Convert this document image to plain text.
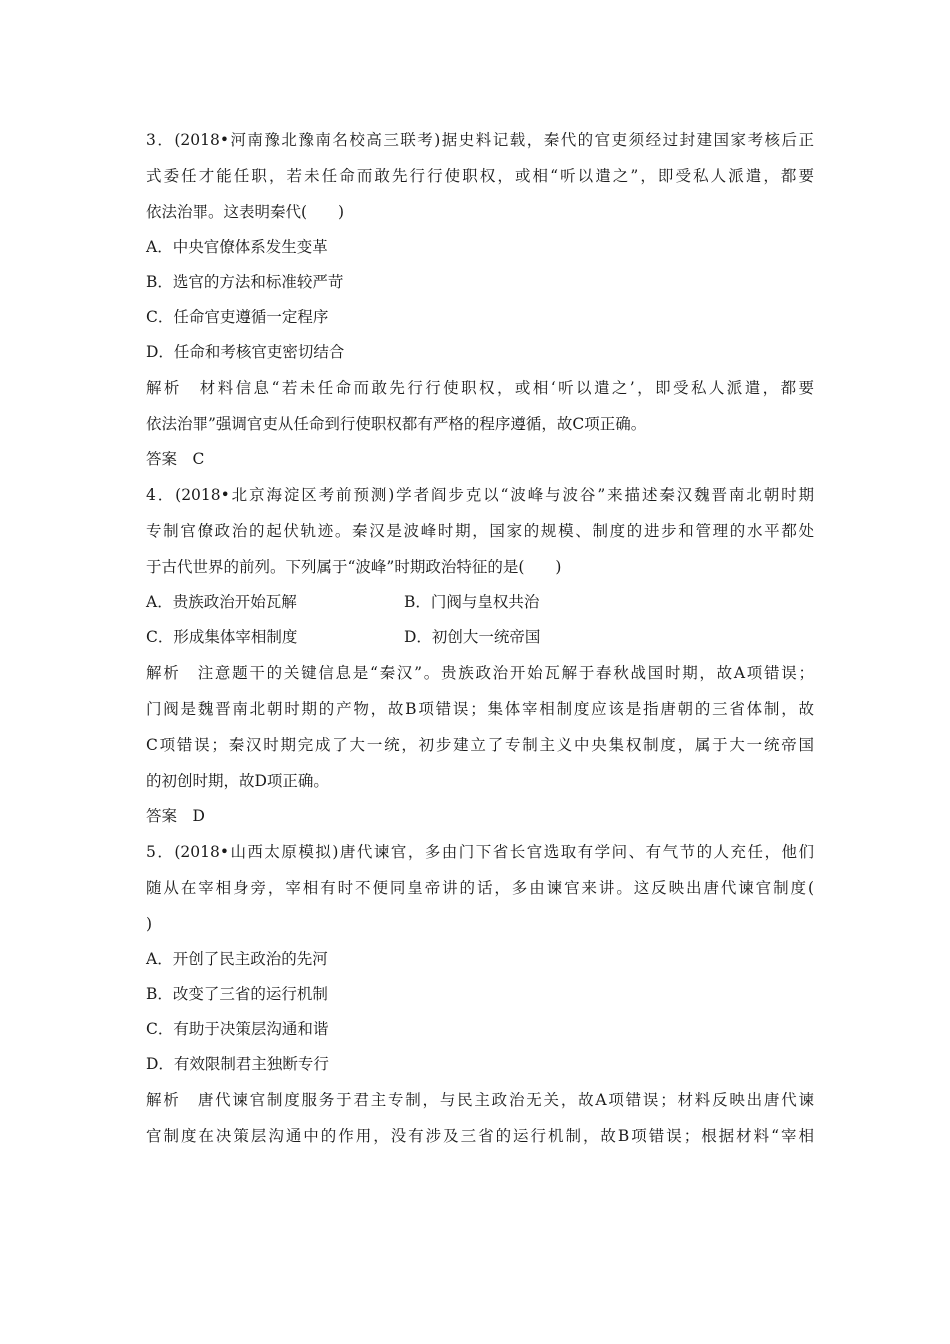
3．(2018•河南豫北豫南名校高三联考)据史料记载，秦代的官吏须经过封建国家考核后正
式委任才能任职，若未任命而敢先行行使职权，或相“听以遣之”，即受私人派遣，都要
依法治罪。这表明秦代(　　)
A．中央官僚体系发生变革
B．选官的方法和标准较严苛
C．任命官吏遵循一定程序
D．任命和考核官吏密切结合
解析　材料信息“若未任命而敢先行行使职权，或相‘听以遣之’，即受私人派遣，都要
依法治罪”强调官吏从任命到行使职权都有严格的程序遵循，故C项正确。
答案　C
4．(2018•北京海淀区考前预测)学者阎步克以“波峰与波谷”来描述秦汉魏晋南北朝时期
专制官僚政治的起伏轨迹。秦汉是波峰时期，国家的规模、制度的进步和管理的水平都处
于古代世界的前列。下列属于“波峰”时期政治特征的是(　　)
A．贵族政治开始瓦解	B．门阀与皇权共治
C．形成集体宰相制度	D．初创大一统帝国
解析　注意题干的关键信息是“秦汉”。贵族政治开始瓦解于春秋战国时期，故A项错误；
门阀是魏晋南北朝时期的产物，故B项错误；集体宰相制度应该是指唐朝的三省体制，故
C项错误；秦汉时期完成了大一统，初步建立了专制主义中央集权制度，属于大一统帝国
的初创时期，故D项正确。
答案　D
5．(2018•山西太原模拟)唐代谏官，多由门下省长官选取有学问、有气节的人充任，他们
随从在宰相身旁，宰相有时不便同皇帝讲的话，多由谏官来讲。这反映出唐代谏官制度(
)
A．开创了民主政治的先河
B．改变了三省的运行机制
C．有助于决策层沟通和谐
D．有效限制君主独断专行
解析　唐代谏官制度服务于君主专制，与民主政治无关，故A项错误；材料反映出唐代谏
官制度在决策层沟通中的作用，没有涉及三省的运行机制，故B项错误；根据材料“宰相
